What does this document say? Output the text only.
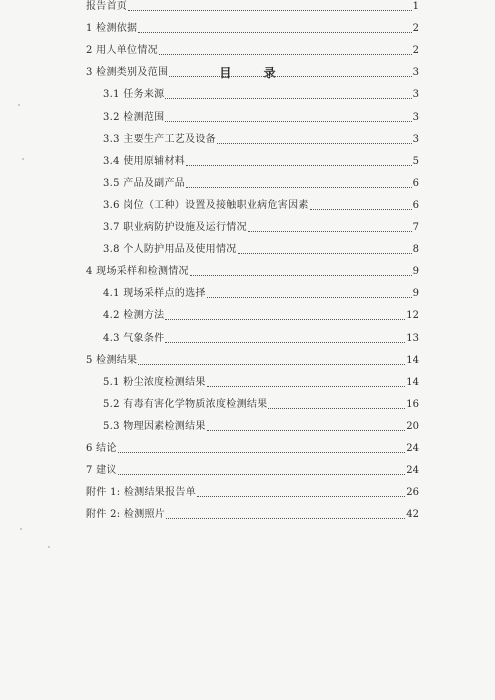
目 录
报告首页	1
1 检测依据	2
2 用人单位情况	2
3 检测类别及范围	3
3.1 任务来源	3
3.2 检测范围	3
3.3 主要生产工艺及设备	3
3.4 使用原辅材料	5
3.5 产品及副产品	6
3.6 岗位（工种）设置及接触职业病危害因素	6
3.7 职业病防护设施及运行情况	7
3.8 个人防护用品及使用情况	8
4 现场采样和检测情况	9
4.1 现场采样点的选择	9
4.2 检测方法	12
4.3 气象条件	13
5 检测结果	14
5.1 粉尘浓度检测结果	14
5.2 有毒有害化学物质浓度检测结果	16
5.3 物理因素检测结果	20
6 结论	24
7 建议	24
附件 1: 检测结果报告单	26
附件 2: 检测照片	42
